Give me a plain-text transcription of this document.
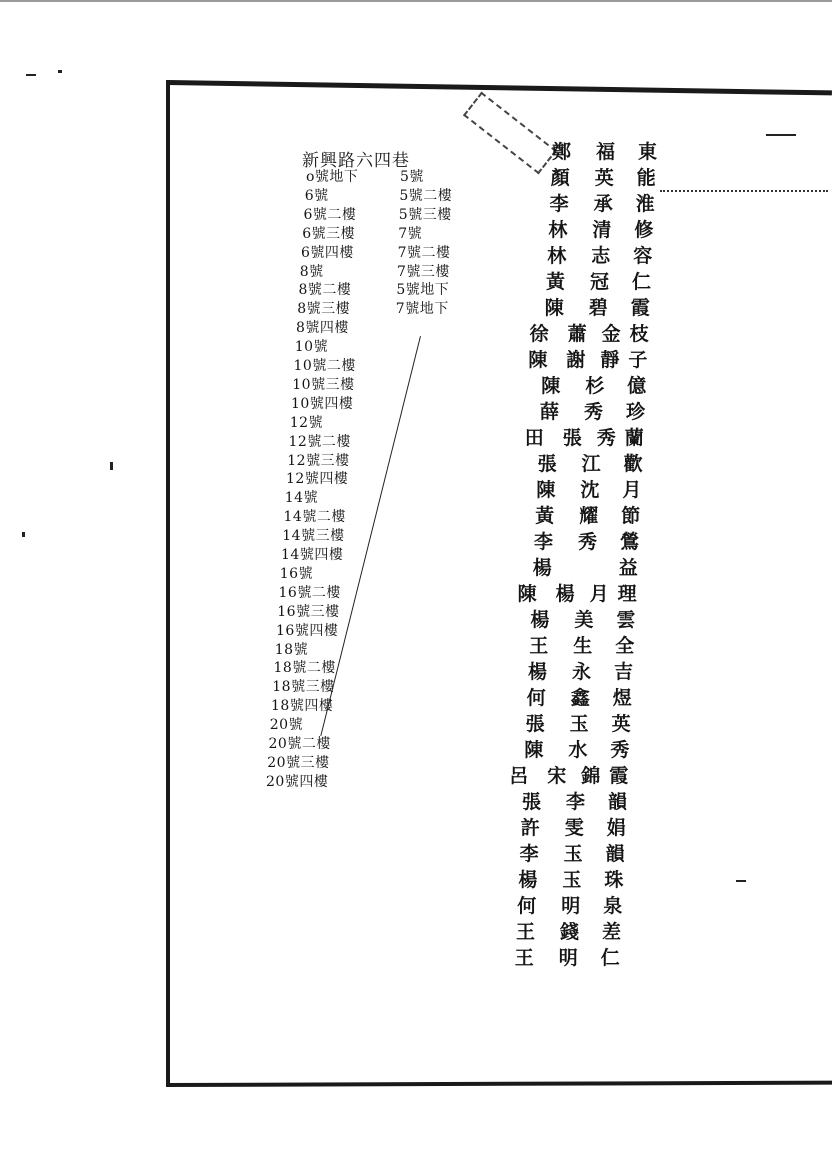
新興路六四巷
o號地下
6號
6號二樓
6號三樓
6號四樓
8號
8號二樓
8號三樓
8號四樓
10號
10號二樓
10號三樓
10號四樓
12號
12號二樓
12號三樓
12號四樓
14號
14號二樓
14號三樓
14號四樓
16號
16號二樓
16號三樓
16號四樓
18號
18號二樓
18號三樓
18號四樓
20號
20號二樓
20號三樓
20號四樓
5號
5號二樓
5號三樓
7號
7號二樓
7號三樓
5號地下
7號地下
鄭 福 東
顏 英 能
李 承 淮
林 清 修
林 志 容
黃 冠 仁
陳 碧 霞
徐 蕭 金 枝
陳 謝 靜 子
陳 杉 億
薛 秀 珍
田 張 秀 蘭
張 江 歡
陳 沈 月
黃 耀 節
李 秀 鶯
楊	益
陳 楊 月 理
楊 美 雲
王 生 全
楊 永 吉
何 鑫 煜
張 玉 英
陳 水 秀
呂 宋 錦 霞
張 李 韻
許 雯 娟
李 玉 韻
楊 玉 珠
何 明 泉
王 錢 差
王 明 仁
